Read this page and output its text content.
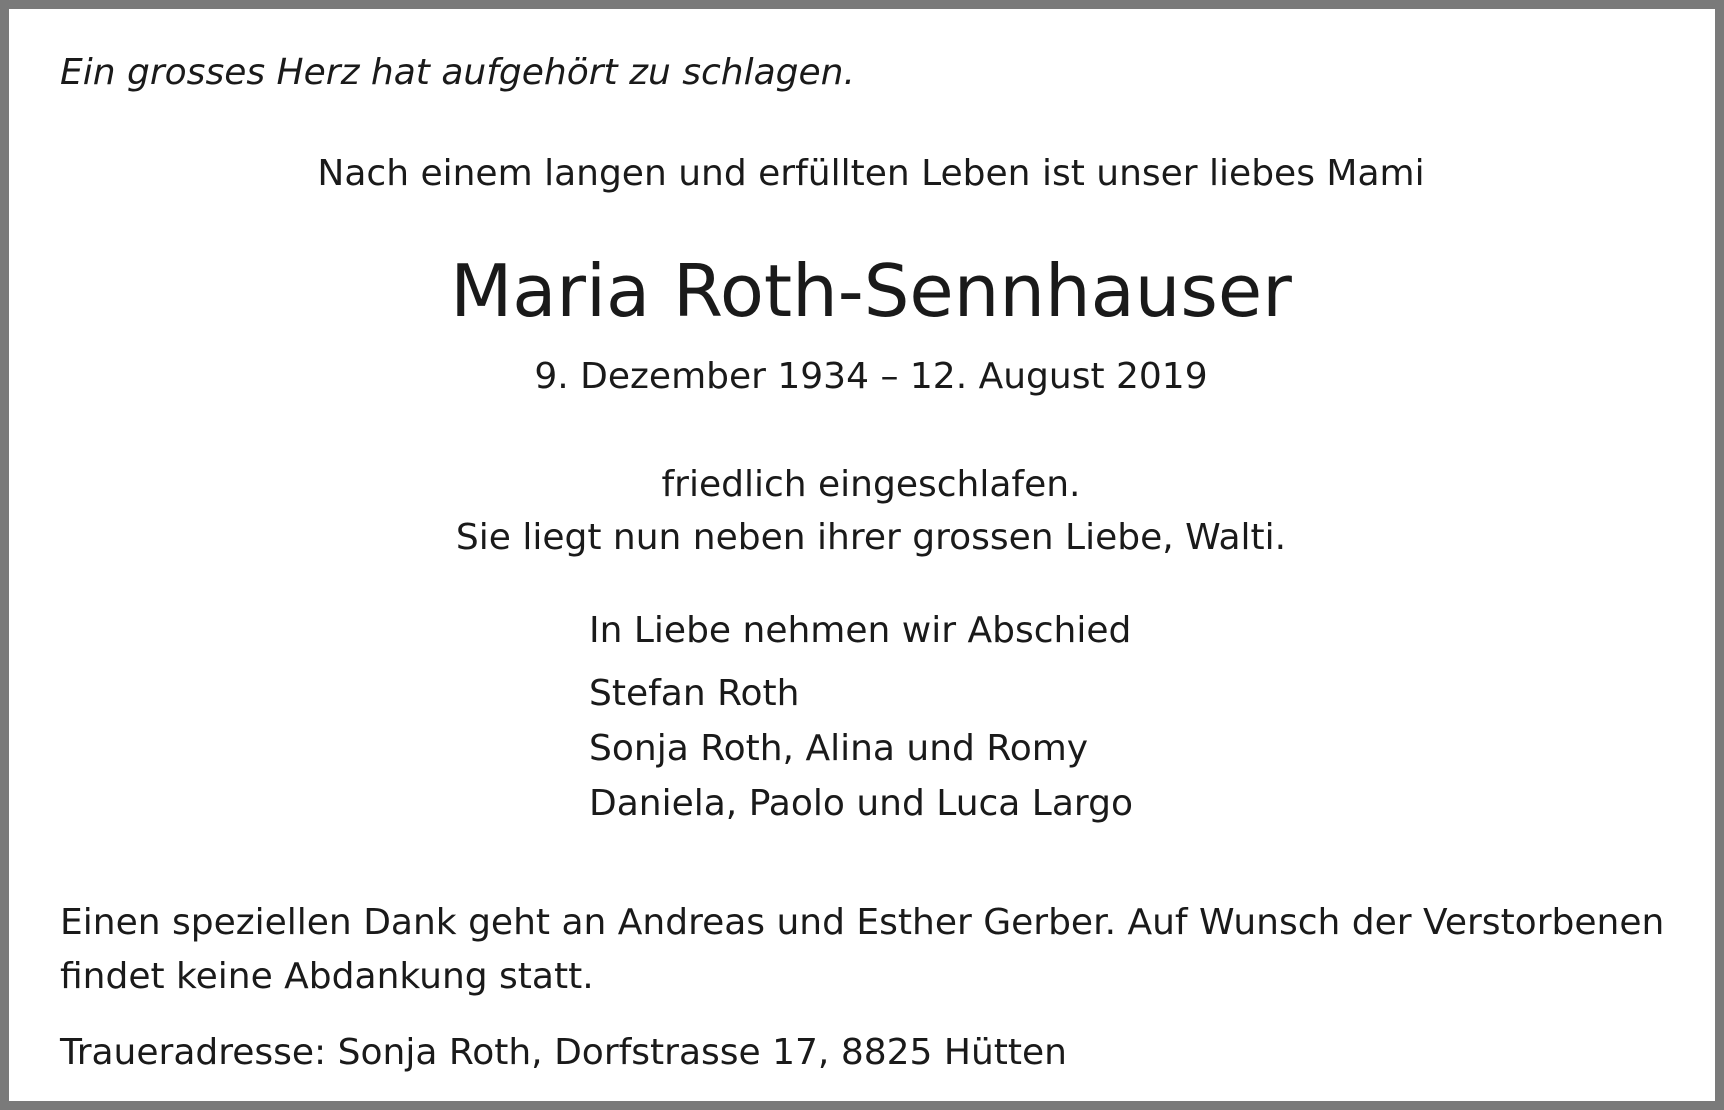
Ein grosses Herz hat aufgehört zu schlagen.

Nach einem langen und erfüllten Leben ist unser liebes Mami

Maria Roth-Sennhauser

9. Dezember 1934 – 12. August 2019

friedlich eingeschlafen.

Sie liegt nun neben ihrer grossen Liebe, Walti.

In Liebe nehmen wir Abschied

Stefan Roth

Sonja Roth, Alina und Romy

Daniela, Paolo und Luca Largo

Einen speziellen Dank geht an Andreas und Esther Gerber. Auf Wunsch der Verstorbenen
findet keine Abdankung statt.

Traueradresse: Sonja Roth, Dorfstrasse 17, 8825 Hütten
